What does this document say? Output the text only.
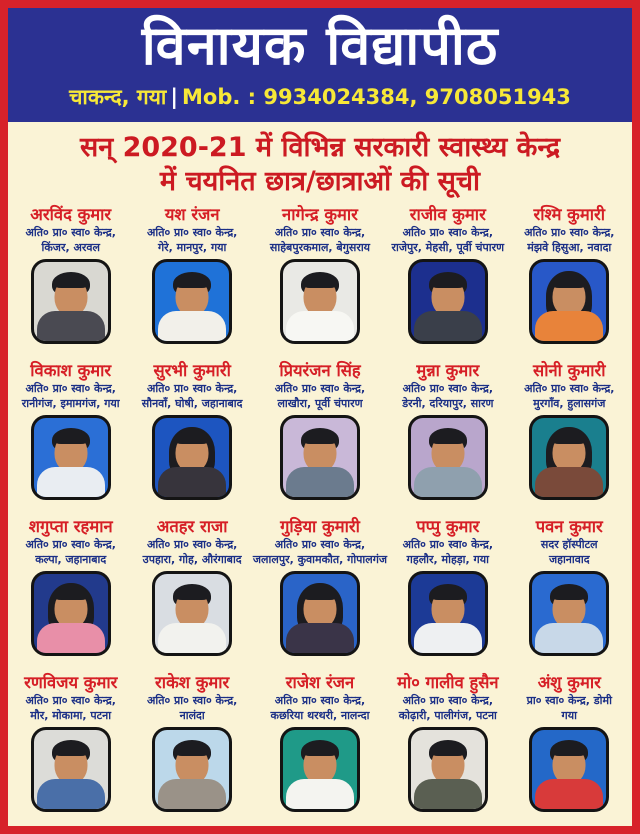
विनायक विद्यापीठ
चाकन्द, गया | Mob. : 9934024384, 9708051943
सन् 2020-21 में विभिन्न सरकारी स्वास्थ्य केन्द्र
में चयनित छात्र/छात्राओं की सूची
अरविंद कुमार
अति० प्रा० स्वा० केन्द्र,
किंजर, अरवल
यश रंजन
अति० प्रा० स्वा० केन्द्र,
गेरे, मानपुर, गया
नागेन्द्र कुमार
अति० प्रा० स्वा० केन्द्र,
साहेबपुरकमाल, बेगुसराय
राजीव कुमार
अति० प्रा० स्वा० केन्द्र,
राजेपुर, मेहसी, पूर्वी चंपारण
रश्मि कुमारी
अति० प्रा० स्वा० केन्द्र,
मंझवे हिसुआ, नवादा
विकाश कुमार
अति० प्रा० स्वा० केन्द्र,
रानीगंज, इमामगंज, गया
सुरभी कुमारी
अति० प्रा० स्वा० केन्द्र,
सौनवाँ, घोषी, जहानाबाद
प्रियरंजन सिंह
अति० प्रा० स्वा० केन्द्र,
लाखौरा, पूर्वी चंपारण
मुन्ना कुमार
अति० प्रा० स्वा० केन्द्र,
डेरनी, दरियापुर, सारण
सोनी कुमारी
अति० प्रा० स्वा० केन्द्र,
मुरगाँव, हुलासगंज
शगुप्ता रहमान
अति० प्रा० स्वा० केन्द्र,
कल्पा, जहानाबाद
अतहर राजा
अति० प्रा० स्वा० केन्द्र,
उपहारा, गोह, औरंगाबाद
गुड़िया कुमारी
अति० प्रा० स्वा० केन्द्र,
जलालपुर, कुवामकौत, गोपालगंज
पप्पु कुमार
अति० प्रा० स्वा० केन्द्र,
गहलौर, मोहड़ा, गया
पवन कुमार
सदर हॉस्पीटल
जहानावाद
रणविजय कुमार
अति० प्रा० स्वा० केन्द्र,
मौर, मोकामा, पटना
राकेश कुमार
अति० प्रा० स्वा० केन्द्र,
नालंदा
राजेश रंजन
अति० प्रा० स्वा० केन्द्र,
कछरिया थरथरी, नालन्दा
मो० गालीव हुसैन
अति० प्रा० स्वा० केन्द्र,
कोढ़ारी, पालीगंज, पटना
अंशु कुमार
प्रा० स्वा० केन्द्र, डोमी
गया
